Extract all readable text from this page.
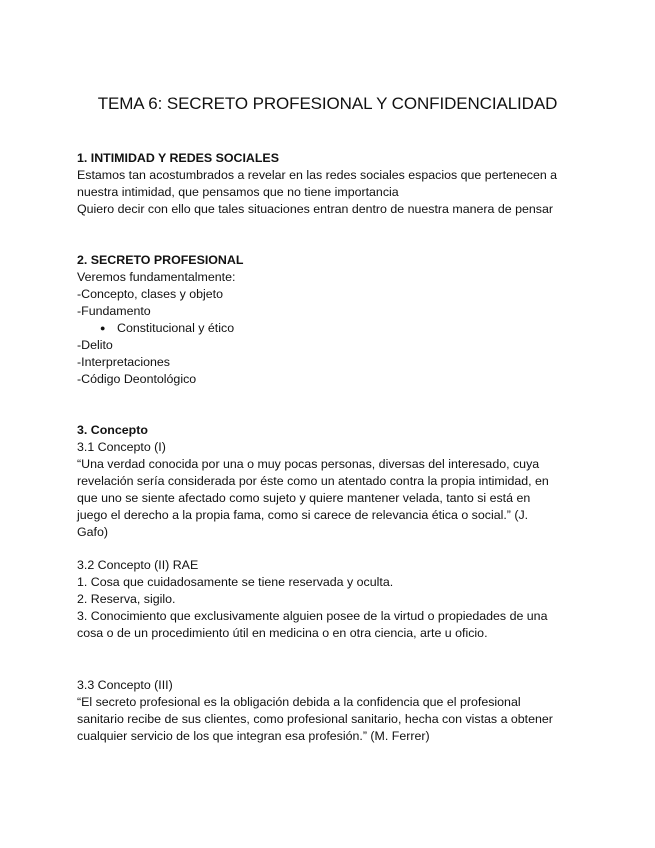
TEMA 6: SECRETO PROFESIONAL Y CONFIDENCIALIDAD

1. INTIMIDAD Y REDES SOCIALES

Estamos tan acostumbrados a revelar en las redes sociales espacios que pertenecen a

nuestra intimidad, que pensamos que no tiene importancia

Quiero decir con ello que tales situaciones entran dentro de nuestra manera de pensar

2. SECRETO PROFESIONAL

Veremos fundamentalmente:

-Concepto, clases y objeto

-Fundamento

● Constitucional y ético

-Delito

-Interpretaciones

-Código Deontológico

3. Concepto

3.1 Concepto (I)

“Una verdad conocida por una o muy pocas personas, diversas del interesado, cuya

revelación sería considerada por éste como un atentado contra la propia intimidad, en

que uno se siente afectado como sujeto y quiere mantener velada, tanto si está en

juego el derecho a la propia fama, como si carece de relevancia ética o social.” (J.

Gafo)

3.2 Concepto (II) RAE

1. Cosa que cuidadosamente se tiene reservada y oculta.

2. Reserva, sigilo.

3. Conocimiento que exclusivamente alguien posee de la virtud o propiedades de una

cosa o de un procedimiento útil en medicina o en otra ciencia, arte u oficio.

3.3 Concepto (III)

“El secreto profesional es la obligación debida a la confidencia que el profesional

sanitario recibe de sus clientes, como profesional sanitario, hecha con vistas a obtener

cualquier servicio de los que integran esa profesión.” (M. Ferrer)
